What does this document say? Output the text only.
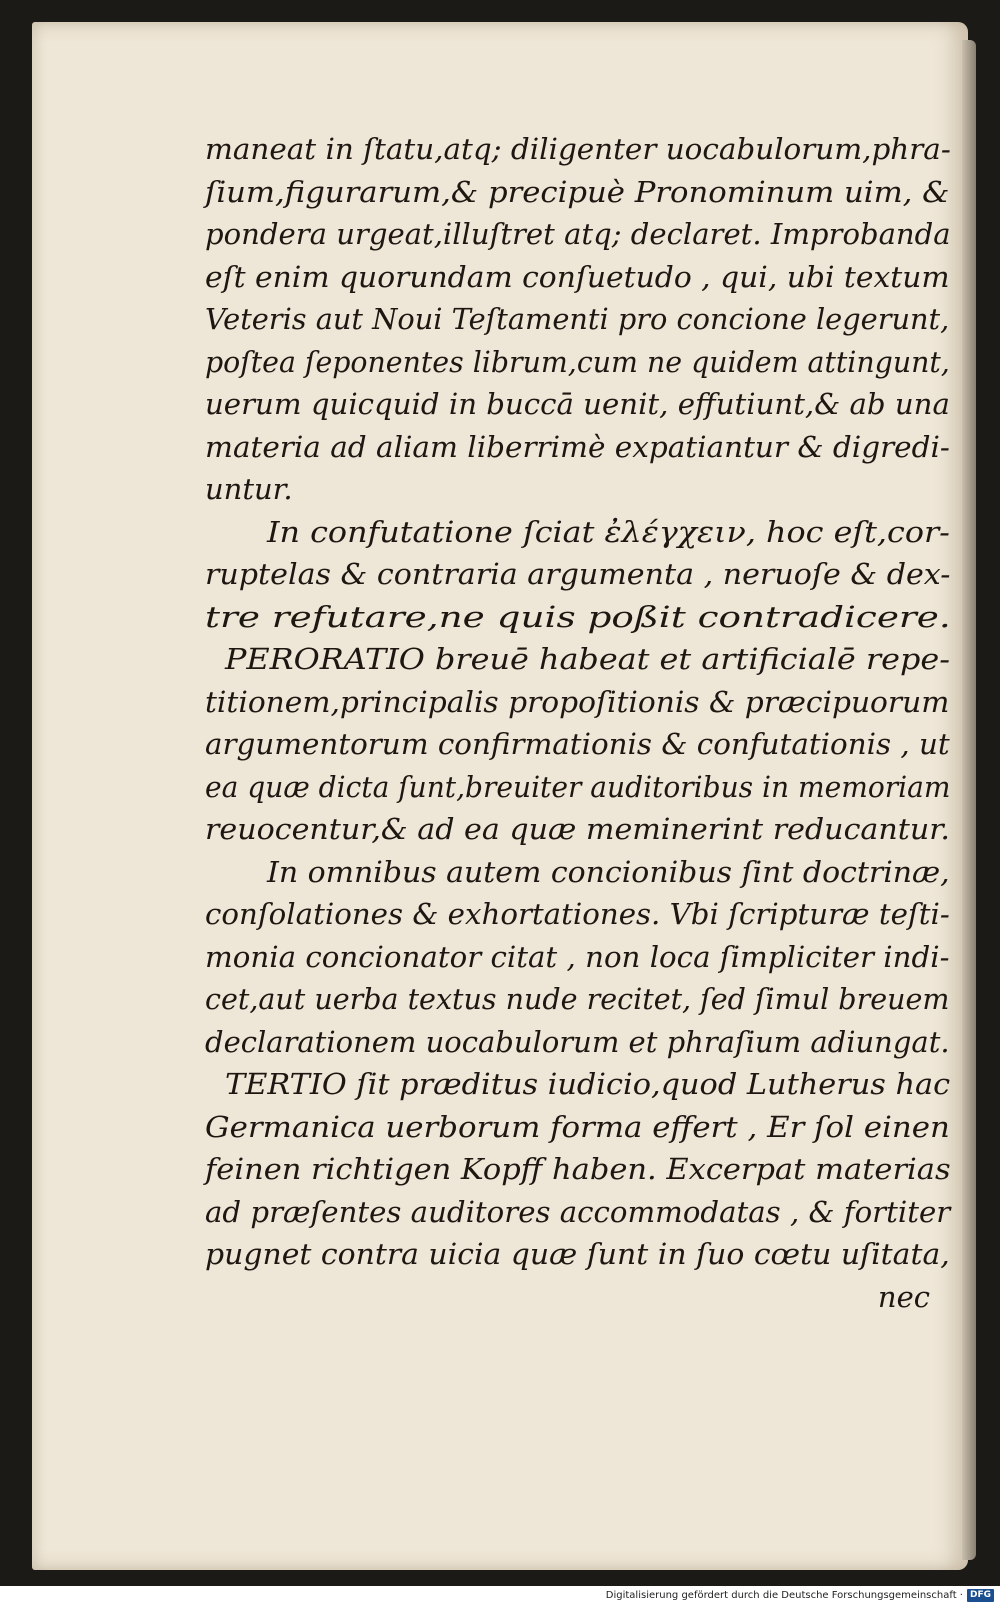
maneat in ſtatu,atq; diligenter uocabulorum,phra-
ſium,figurarum,& precipuè Pronominum uim, &
pondera urgeat,illuſtret atq; declaret. Improbanda
eſt enim quorundam conſuetudo , qui, ubi textum
Veteris aut Noui Teſtamenti pro concione legerunt,
poſtea ſeponentes librum,cum ne quidem attingunt,
uerum quicquid in buccā uenit, effutiunt,& ab una
materia ad aliam liberrimè expatiantur & digredi-
untur.
In confutatione ſciat ἐλέγχειν, hoc eſt,cor-
ruptelas & contraria argumenta , neruoſe & dex-
tre refutare,ne quis poßit contradicere.
PERORATIO breuē habeat et artificialē repe-
titionem,principalis propoſitionis & præcipuorum
argumentorum confirmationis & confutationis , ut
ea quæ dicta ſunt,breuiter auditoribus in memoriam
reuocentur,& ad ea quæ meminerint reducantur.
In omnibus autem concionibus ſint doctrinæ,
conſolationes & exhortationes. Vbi ſcripturæ teſti-
monia concionator citat , non loca ſimpliciter indi-
cet,aut uerba textus nude recitet, ſed ſimul breuem
declarationem uocabulorum et phraſium adiungat.
TERTIO ſit præditus iudicio,quod Lutherus hac
Germanica uerborum forma effert , Er ſol einen
feinen richtigen Kopff haben. Excerpat materias
ad præſentes auditores accommodatas , & fortiter
pugnet contra uicia quæ ſunt in ſuo cœtu uſitata,
nec
Digitalisierung gefördert durch die Deutsche Forschungsgemeinschaft · DFG
